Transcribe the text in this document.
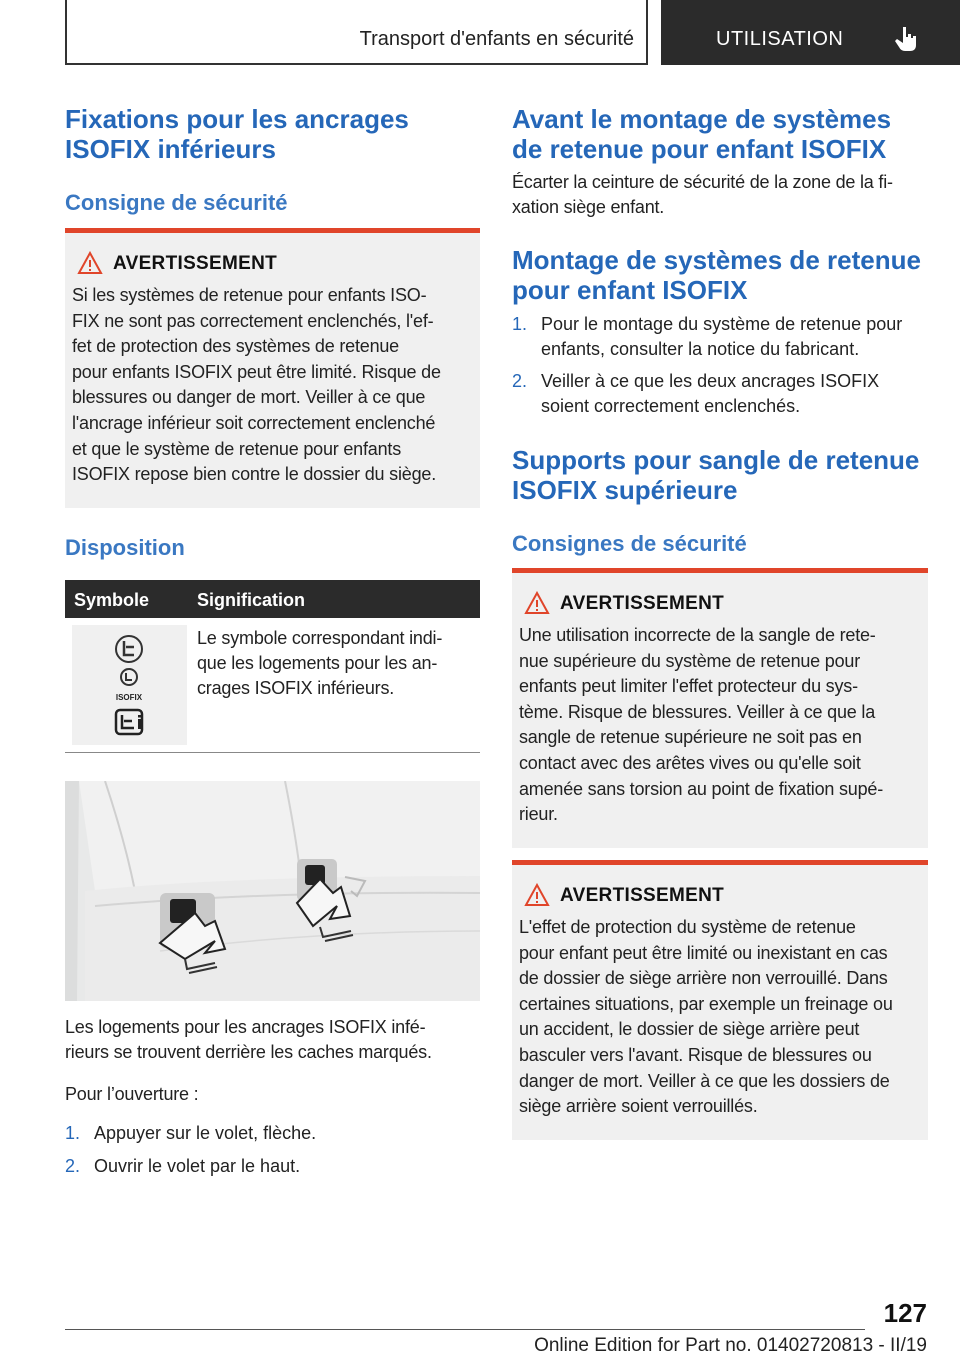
Transport d'enfants en sécurité	UTILISATION
Fixations pour les ancrages
ISOFIX inférieurs
Consigne de sécurité
AVERTISSEMENT
Si les systèmes de retenue pour enfants ISO‐
FIX ne sont pas correctement enclenchés, l'ef‐
fet de protection des systèmes de retenue
pour enfants ISOFIX peut être limité. Risque de
blessures ou danger de mort. Veiller à ce que
l'ancrage inférieur soit correctement enclenché
et que le système de retenue pour enfants
ISOFIX repose bien contre le dossier du siège.
Disposition
Symbole	Signification
ISOFIX
Le symbole correspondant indi‐
que les logements pour les an‐
crages ISOFIX inférieurs.
Les logements pour les ancrages ISOFIX infé‐
rieurs se trouvent derrière les caches marqués.
Pour l’ouverture :
1. Appuyer sur le volet, flèche.
2. Ouvrir le volet par le haut.
Avant le montage de systèmes
de retenue pour enfant ISOFIX
Écarter la ceinture de sécurité de la zone de la fi‐
xation siège enfant.
Montage de systèmes de retenue
pour enfant ISOFIX
1. Pour le montage du système de retenue pour
enfants, consulter la notice du fabricant.
2. Veiller à ce que les deux ancrages ISOFIX
soient correctement enclenchés.
Supports pour sangle de retenue
ISOFIX supérieure
Consignes de sécurité
AVERTISSEMENT
Une utilisation incorrecte de la sangle de rete‐
nue supérieure du système de retenue pour
enfants peut limiter l'effet protecteur du sys‐
tème. Risque de blessures. Veiller à ce que la
sangle de retenue supérieure ne soit pas en
contact avec des arêtes vives ou qu'elle soit
amenée sans torsion au point de fixation supé‐
rieur.
AVERTISSEMENT
L'effet de protection du système de retenue
pour enfant peut être limité ou inexistant en cas
de dossier de siège arrière non verrouillé. Dans
certaines situations, par exemple un freinage ou
un accident, le dossier de siège arrière peut
basculer vers l'avant. Risque de blessures ou
danger de mort. Veiller à ce que les dossiers de
siège arrière soient verrouillés.
127
Online Edition for Part no. 01402720813 - II/19
